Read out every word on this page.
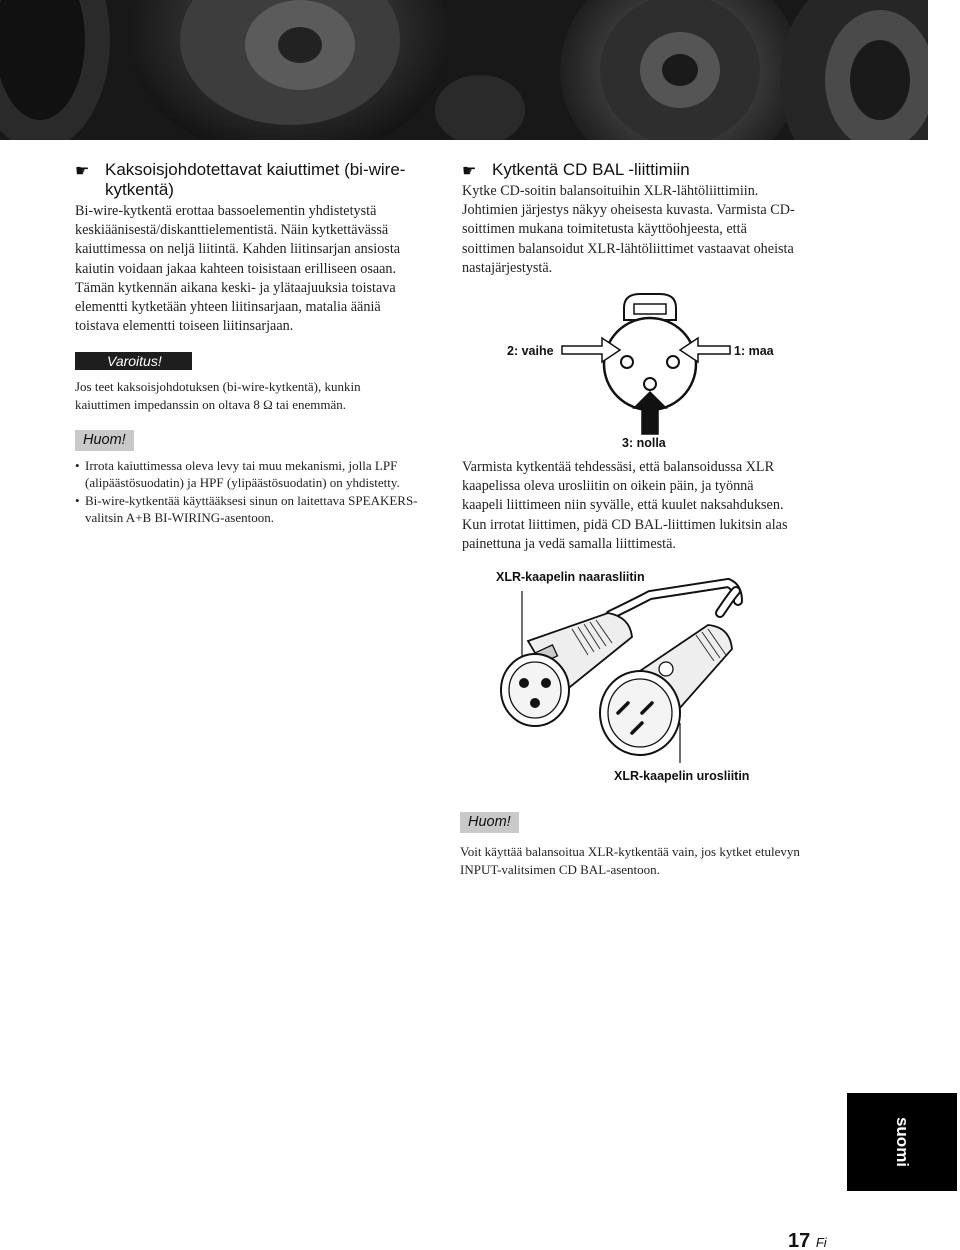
☛ Kaksoisjohdotettavat kaiuttimet (bi-wire-kytkentä)
Bi-wire-kytkentä erottaa bassoelementin yhdistetystä
keskiäänisestä/diskanttielementistä. Näin kytkettävässä
kaiuttimessa on neljä liitintä. Kahden liitinsarjan ansiosta
kaiutin voidaan jakaa kahteen toisistaan erilliseen osaan.
Tämän kytkennän aikana keski- ja ylätaajuuksia toistava
elementti kytketään yhteen liitinsarjaan, matalia ääniä
toistava elementti toiseen liitinsarjaan.
Varoitus!
Jos teet kaksoisjohdotuksen (bi-wire-kytkentä), kunkin
kaiuttimen impedanssin on oltava 8 Ω tai enemmän.
Huom!
• Irrota kaiuttimessa oleva levy tai muu mekanismi, jolla LPF
(alipäästösuodatin) ja HPF (ylipäästösuodatin) on yhdistetty.
• Bi-wire-kytkentää käyttääksesi sinun on laitettava SPEAKERS-
valitsin A+B BI-WIRING-asentoon.
☛ Kytkentä CD BAL -liittimiin
Kytke CD-soitin balansoituihin XLR-lähtöliittimiin.
Johtimien järjestys näkyy oheisesta kuvasta. Varmista CD-
soittimen mukana toimitetusta käyttöohjeesta, että
soittimen balansoidut XLR-lähtöliittimet vastaavat oheista
nastajärjestystä.
2: vaihe	1: maa
3: nolla
Varmista kytkentää tehdessäsi, että balansoidussa XLR
kaapelissa oleva urosliitin on oikein päin, ja työnnä
kaapeli liittimeen niin syvälle, että kuulet naksahduksen.
Kun irrotat liittimen, pidä CD BAL-liittimen lukitsin alas
painettuna ja vedä samalla liittimestä.
XLR-kaapelin naarasliitin
XLR-kaapelin urosliitin
Huom!
Voit käyttää balansoitua XLR-kytkentää vain, jos kytket etulevyn
INPUT-valitsimen CD BAL-asentoon.
suomi
17 Fi
